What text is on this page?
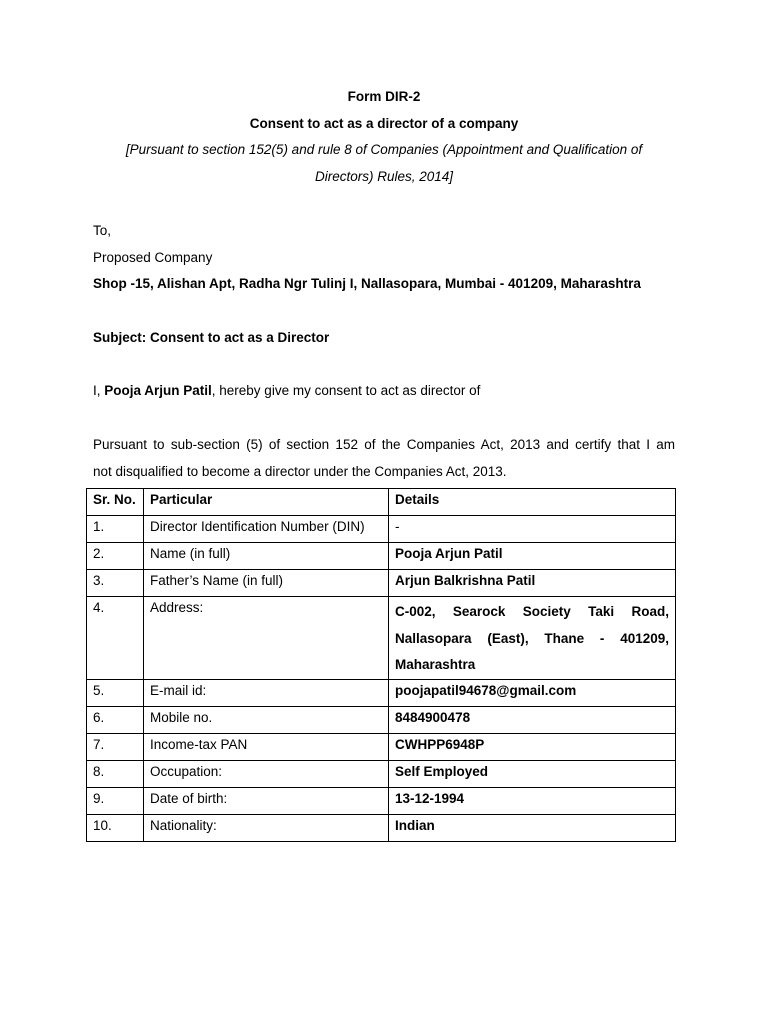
Form DIR-2
Consent to act as a director of a company
[Pursuant to section 152(5) and rule 8 of Companies (Appointment and Qualification of
Directors) Rules, 2014]
To,
Proposed Company
Shop -15, Alishan Apt, Radha Ngr Tulinj I, Nallasopara, Mumbai - 401209, Maharashtra
Subject: Consent to act as a Director
I, Pooja Arjun Patil, hereby give my consent to act as director of
Pursuant to sub-section (5) of section 152 of the Companies Act, 2013 and certify that I am
not disqualified to become a director under the Companies Act, 2013.
Sr. No.	Particular	Details
1.	Director Identification Number (DIN)	-
2.	Name (in full)	Pooja Arjun Patil
3.	Father’s Name (in full)	Arjun Balkrishna Patil
4.	Address:	C-002, Searock Society Taki Road,
Nallasopara (East), Thane - 401209,
Maharashtra
5.	E-mail id:	poojapatil94678@gmail.com
6.	Mobile no.	8484900478
7.	Income-tax PAN	CWHPP6948P
8.	Occupation:	Self Employed
9.	Date of birth:	13-12-1994
10.	Nationality:	Indian
